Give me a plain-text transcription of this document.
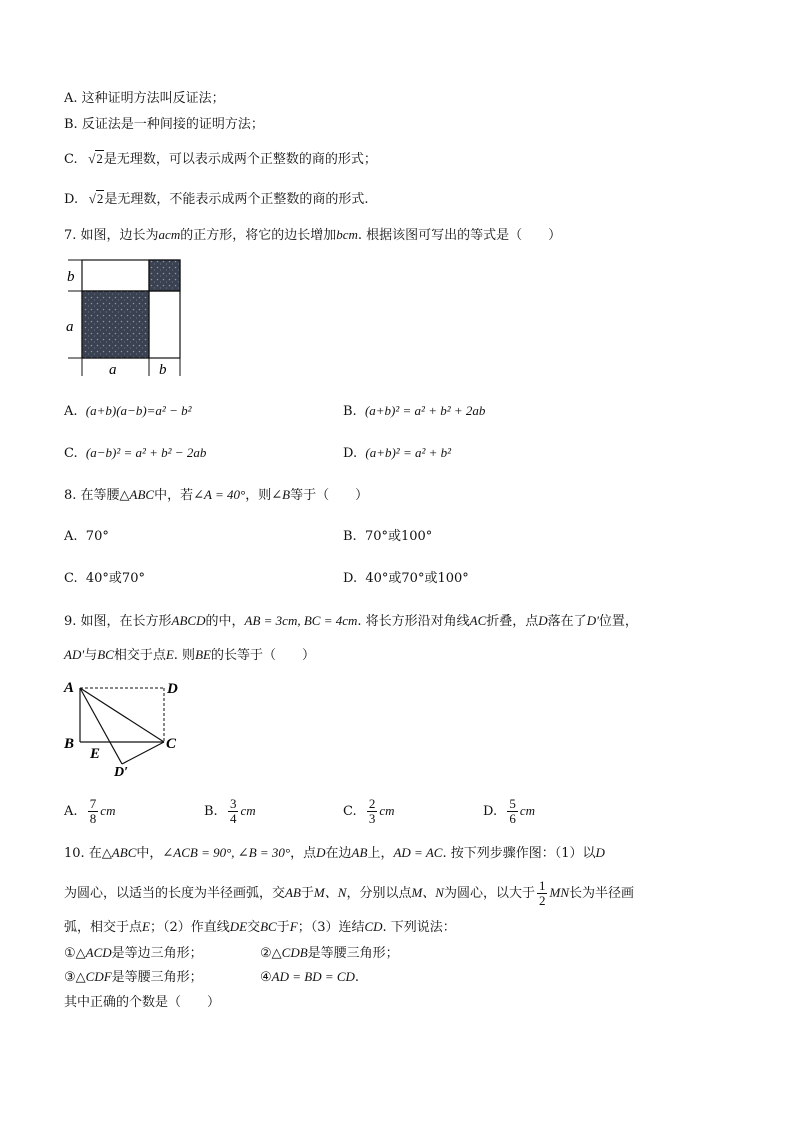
A. 这种证明方法叫反证法；
B. 反证法是一种间接的证明方法；
C.   √2是无理数，可以表示成两个正整数的商的形式；
D.   √2是无理数，不能表示成两个正整数的商的形式.
7. 如图，边长为acm的正方形，将它的边长增加bcm. 根据该图可写出的等式是（　　）
b
a
a	b
A. (a+b)(a−b)=a² − b²	B. (a+b)² = a² + b² + 2ab
C. (a−b)² = a² + b² − 2ab	D. (a+b)² = a² + b²
8. 在等腰△ABC中，若∠A = 40°，则∠B等于（　　）
A. 70°	B. 70°或100°
C. 40°或70°	D. 40°或70°或100°
9. 如图，在长方形ABCD的中，AB = 3cm, BC = 4cm. 将长方形沿对角线AC折叠，点D落在了D′位置，
AD′与BC相交于点E. 则BE的长等于（　　）
A	D
B	C
E
D′
A. $\frac{7}{8}$ cm	B. $\frac{3}{4}$ cm	C. $\frac{2}{3}$ cm	D. $\frac{5}{6}$ cm
10. 在△ABC中，∠ACB = 90°, ∠B = 30°，点D在边AB上，AD = AC. 按下列步骤作图：（1）以D
为圆心，以适当的长度为半径画弧，交AB于M、N，分别以点M、N为圆心，以大于 $\frac{1}{2}$ MN长为半径画
弧，相交于点E；（2）作直线DE交BC于F；（3）连结CD. 下列说法：
①△ACD是等边三角形；	②△CDB是等腰三角形；
③△CDF是等腰三角形；	④AD = BD = CD.
其中正确的个数是（　　）
